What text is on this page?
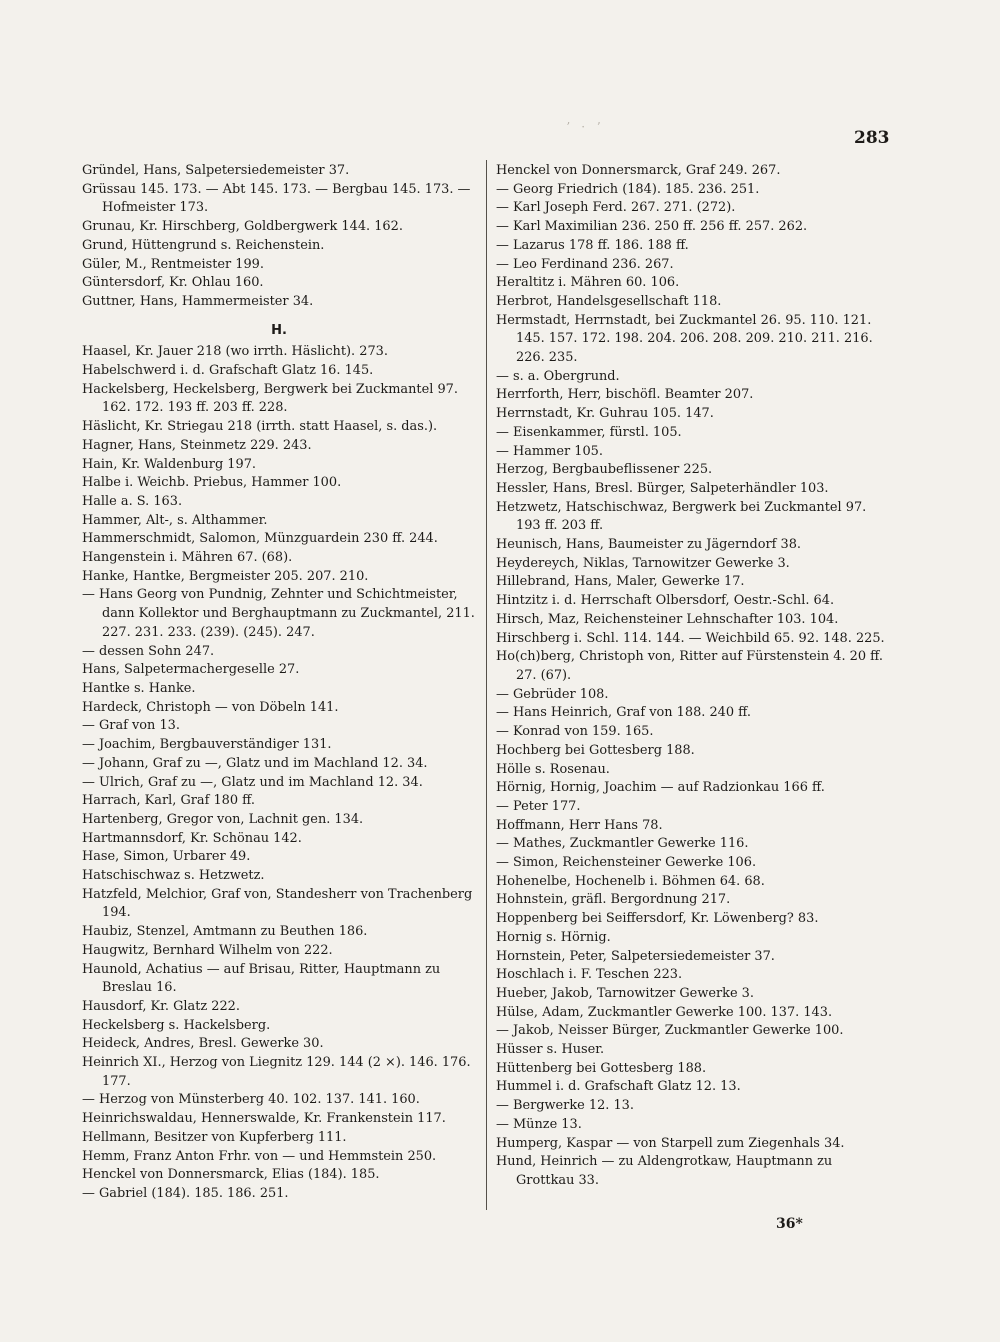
ʼ   ·   ʼ
283
Gründel, Hans, Salpetersiedemeister 37.
Grüssau 145. 173. — Abt 145. 173. — Bergbau 145. 173. — Hofmeister 173.
Grunau, Kr. Hirschberg, Goldbergwerk 144. 162.
Grund, Hüttengrund s. Reichenstein.
Güler, M., Rentmeister 199.
Güntersdorf, Kr. Ohlau 160.
Guttner, Hans, Hammermeister 34.
H.
Haasel, Kr. Jauer 218 (wo irrth. Häslicht). 273.
Habelschwerd i. d. Grafschaft Glatz 16. 145.
Hackelsberg, Heckelsberg, Bergwerk bei Zuckmantel 97. 162. 172. 193 ff. 203 ff. 228.
Häslicht, Kr. Striegau 218 (irrth. statt Haasel, s. das.).
Hagner, Hans, Steinmetz 229. 243.
Hain, Kr. Waldenburg 197.
Halbe i. Weichb. Priebus, Hammer 100.
Halle a. S. 163.
Hammer, Alt-, s. Althammer.
Hammerschmidt, Salomon, Münzguardein 230 ff. 244.
Hangenstein i. Mähren 67. (68).
Hanke, Hantke, Bergmeister 205. 207. 210.
— Hans Georg von Pundnig, Zehnter und Schichtmeister, dann Kollektor und Berghauptmann zu Zuckmantel, 211. 227. 231. 233. (239). (245). 247.
— dessen Sohn 247.
Hans, Salpetermachergeselle 27.
Hantke s. Hanke.
Hardeck, Christoph — von Döbeln 141.
— Graf von 13.
— Joachim, Bergbauverständiger 131.
— Johann, Graf zu —, Glatz und im Machland 12. 34.
— Ulrich, Graf zu —, Glatz und im Machland 12. 34.
Harrach, Karl, Graf 180 ff.
Hartenberg, Gregor von, Lachnit gen. 134.
Hartmannsdorf, Kr. Schönau 142.
Hase, Simon, Urbarer 49.
Hatschischwaz s. Hetzwetz.
Hatzfeld, Melchior, Graf von, Standesherr von Trachenberg 194.
Haubiz, Stenzel, Amtmann zu Beuthen 186.
Haugwitz, Bernhard Wilhelm von 222.
Haunold, Achatius — auf Brisau, Ritter, Hauptmann zu Breslau 16.
Hausdorf, Kr. Glatz 222.
Heckelsberg s. Hackelsberg.
Heideck, Andres, Bresl. Gewerke 30.
Heinrich XI., Herzog von Liegnitz 129. 144 (2 ×). 146. 176. 177.
— Herzog von Münsterberg 40. 102. 137. 141. 160.
Heinrichswaldau, Hennerswalde, Kr. Frankenstein 117.
Hellmann, Besitzer von Kupferberg 111.
Hemm, Franz Anton Frhr. von — und Hemmstein 250.
Henckel von Donnersmarck, Elias (184). 185.
— Gabriel (184). 185. 186. 251.
Henckel von Donnersmarck, Graf 249. 267.
— Georg Friedrich (184). 185. 236. 251.
— Karl Joseph Ferd. 267. 271. (272).
— Karl Maximilian 236. 250 ff. 256 ff. 257. 262.
— Lazarus 178 ff. 186. 188 ff.
— Leo Ferdinand 236. 267.
Heraltitz i. Mähren 60. 106.
Herbrot, Handelsgesellschaft 118.
Hermstadt, Herrnstadt, bei Zuckmantel 26. 95. 110. 121. 145. 157. 172. 198. 204. 206. 208. 209. 210. 211. 216. 226. 235.
— s. a. Obergrund.
Herrforth, Herr, bischöfl. Beamter 207.
Herrnstadt, Kr. Guhrau 105. 147.
— Eisenkammer, fürstl. 105.
— Hammer 105.
Herzog, Bergbaubeflissener 225.
Hessler, Hans, Bresl. Bürger, Salpeterhändler 103.
Hetzwetz, Hatschischwaz, Bergwerk bei Zuckmantel 97. 193 ff. 203 ff.
Heunisch, Hans, Baumeister zu Jägerndorf 38.
Heydereych, Niklas, Tarnowitzer Gewerke 3.
Hillebrand, Hans, Maler, Gewerke 17.
Hintzitz i. d. Herrschaft Olbersdorf, Oestr.-Schl. 64.
Hirsch, Maz, Reichensteiner Lehnschafter 103. 104.
Hirschberg i. Schl. 114. 144. — Weichbild 65. 92. 148. 225.
Ho(ch)berg, Christoph von, Ritter auf Fürstenstein 4. 20 ff. 27. (67).
— Gebrüder 108.
— Hans Heinrich, Graf von 188. 240 ff.
— Konrad von 159. 165.
Hochberg bei Gottesberg 188.
Hölle s. Rosenau.
Hörnig, Hornig, Joachim — auf Radzionkau 166 ff.
— Peter 177.
Hoffmann, Herr Hans 78.
— Mathes, Zuckmantler Gewerke 116.
— Simon, Reichensteiner Gewerke 106.
Hohenelbe, Hochenelb i. Böhmen 64. 68.
Hohnstein, gräfl. Bergordnung 217.
Hoppenberg bei Seiffersdorf, Kr. Löwenberg? 83.
Hornig s. Hörnig.
Hornstein, Peter, Salpetersiedemeister 37.
Hoschlach i. F. Teschen 223.
Hueber, Jakob, Tarnowitzer Gewerke 3.
Hülse, Adam, Zuckmantler Gewerke 100. 137. 143.
— Jakob, Neisser Bürger, Zuckmantler Gewerke 100.
Hüsser s. Huser.
Hüttenberg bei Gottesberg 188.
Hummel i. d. Grafschaft Glatz 12. 13.
— Bergwerke 12. 13.
— Münze 13.
Humperg, Kaspar — von Starpell zum Ziegenhals 34.
Hund, Heinrich — zu Aldengrotkaw, Hauptmann zu Grottkau 33.
36*
